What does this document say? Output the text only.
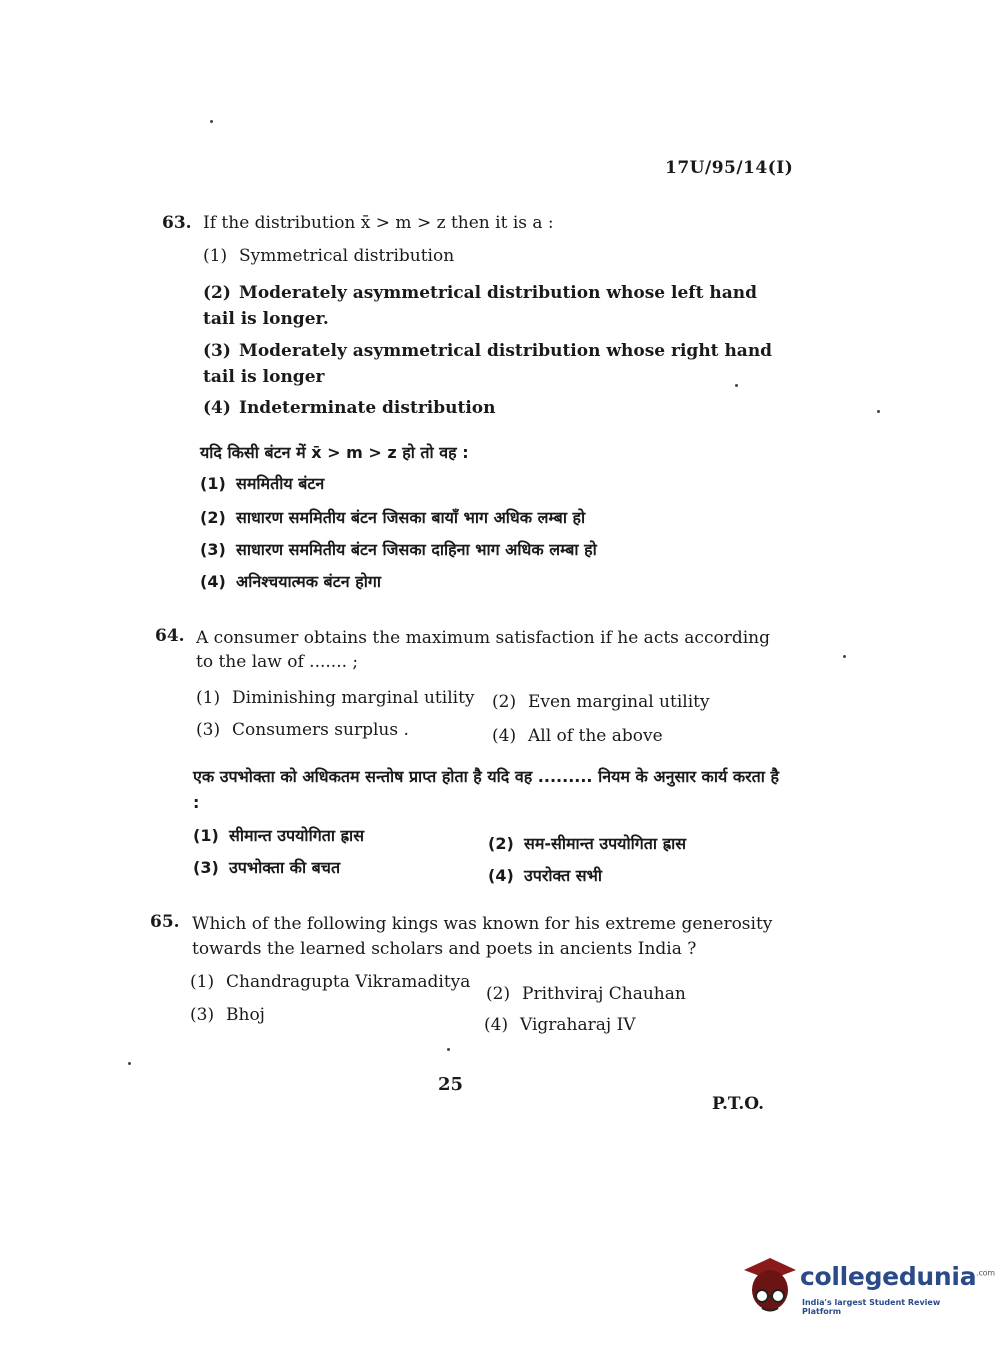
17U/95/14(I)
63. If the distribution x̄ > m > z then it is a :
(1) Symmetrical distribution
(2) Moderately asymmetrical distribution whose left hand tail is longer.
(3) Moderately asymmetrical distribution whose right hand tail is longer
(4) Indeterminate distribution
यदि किसी बंटन में x̄ > m > z हो तो वह :
(1) सममितीय बंटन
(2) साधारण सममितीय बंटन जिसका बायाँ भाग अधिक लम्बा हो
(3) साधारण सममितीय बंटन जिसका दाहिना भाग अधिक लम्बा हो
(4) अनिश्चयात्मक बंटन होगा
64. A consumer obtains the maximum satisfaction if he acts according to the law of ....... ;
(1) Diminishing marginal utility (2) Even marginal utility
(3) Consumers surplus .	(4) All of the above
एक उपभोक्ता को अधिकतम सन्तोष प्राप्त होता है यदि वह ......... नियम के अनुसार कार्य करता है :
(1) सीमान्त उपयोगिता ह्रास	(2) सम-सीमान्त उपयोगिता ह्रास
(3) उपभोक्ता की बचत	(4) उपरोक्त सभी
65. Which of the following kings was known for his extreme generosity towards the learned scholars and poets in ancients India ?
(1) Chandragupta Vikramaditya
(2) Prithviraj Chauhan
(3) Bhoj	(4) Vigraharaj IV
25
P.T.O.
collegedunia$^{.com}$
India's largest Student Review Platform
